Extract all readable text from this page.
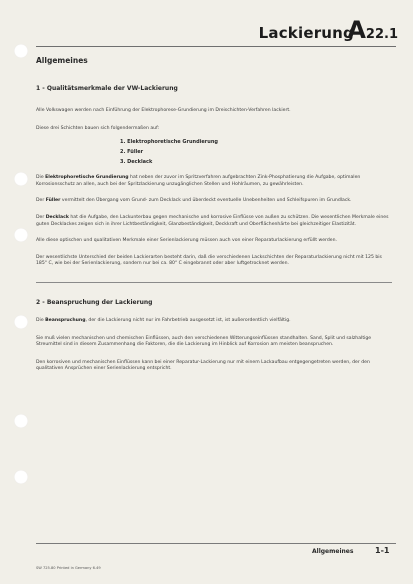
Lackierung
A22.1
Allgemeines
1 - Qualitätsmerkmale der VW-Lackierung

Alle Volkswagen werden nach Einführung der Elektrophorese-Grundierung im Dreischichten-Verfahren lackiert.

Diese drei Schichten bauen sich folgendermaßen auf:

1. Elektrophoretische Grundierung
2. Füller
3. Decklack

Die Elektrophoretische Grundierung hat neben der zuvor im Spritzverfahren aufgebrachten Zink-Phosphatierung die Aufgabe, optimalen Korrosionsschutz an allen, auch bei der Spritzlackierung unzugänglichen Stellen und Hohlräumen, zu gewährleisten.

Der Füller vermittelt den Übergang vom Grund- zum Decklack und überdeckt eventuelle Unebenheiten und Schleifspuren im Grundlack.

Der Decklack hat die Aufgabe, den Lackunterbau gegen mechanische und korrosive Einflüsse von außen zu schützen. Die wesentlichen Merkmale eines guten Decklackes zeigen sich in ihrer Lichtbeständigkeit, Glanzbeständigkeit, Deckkraft und Oberflächenhärte bei gleichzeitiger Elastizität.

Alle diese optischen und qualitativen Merkmale einer Serienlackierung müssen auch von einer Reparaturlackierung erfüllt werden.

Der wesentlichste Unterschied der beiden Lackierarten besteht darin, daß die verschiedenen Lackschichten der Reparaturlackierung nicht mit 125 bis 185° C, wie bei der Serienlackierung, sondern nur bei ca. 80° C eingebrannt oder aber luftgetrocknet werden.

2 - Beanspruchung der Lackierung

Die Beanspruchung, der die Lackierung nicht nur im Fahrbetrieb ausgesetzt ist, ist außerordentlich vielfältig.

Sie muß vielen mechanischen und chemischen Einflüssen, auch den verschiedenen Witterungseinflüssen standhalten. Sand, Split und salzhaltige Streumittel sind in diesem Zusammenhang die Faktoren, die die Lackierung im Hinblick auf Korrosion am meisten beanspruchen.

Den korrosiven und mechanischen Einflüssen kann bei einer Reparatur-Lackierung nur mit einem Lackaufbau entgegengetreten werden, der den qualitativen Ansprüchen einer Serienlackierung entspricht.

Allgemeines	1-1
SW 725.80 Printed in Germany 6.49
